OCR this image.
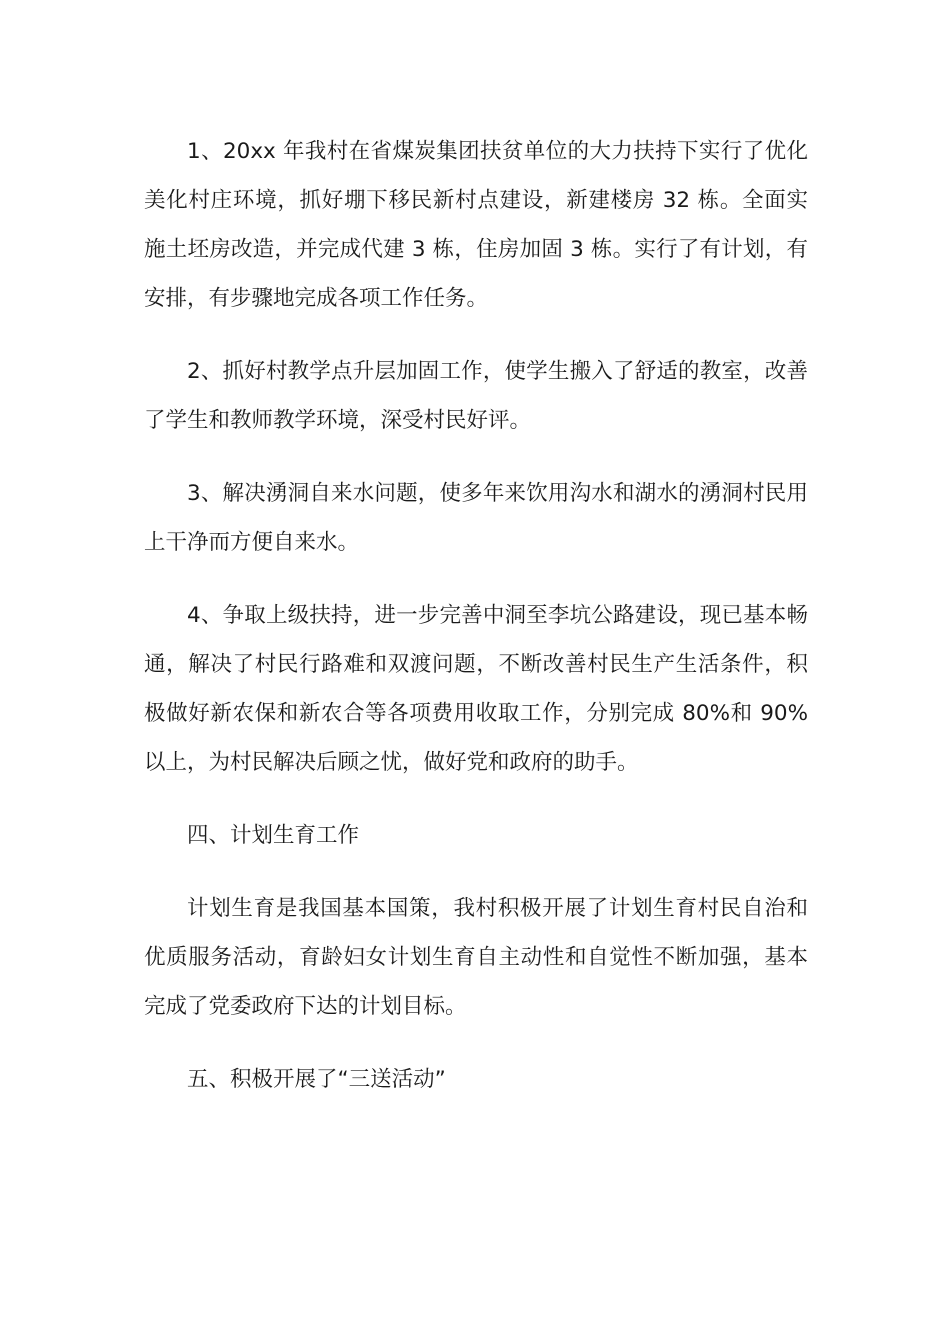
1、20xx 年我村在省煤炭集团扶贫单位的大力扶持下实行了优化美化村庄环境，抓好堋下移民新村点建设，新建楼房 32 栋。全面实施土坯房改造，并完成代建 3 栋，住房加固 3 栋。实行了有计划，有安排，有步骤地完成各项工作任务。

2、抓好村教学点升层加固工作，使学生搬入了舒适的教室，改善了学生和教师教学环境，深受村民好评。

3、解决湧洞自来水问题，使多年来饮用沟水和湖水的湧洞村民用上干净而方便自来水。

4、争取上级扶持，进一步完善中洞至李坑公路建设，现已基本畅通，解决了村民行路难和双渡问题，不断改善村民生产生活条件，积极做好新农保和新农合等各项费用收取工作，分别完成 80%和 90%以上，为村民解决后顾之忧，做好党和政府的助手。

四、计划生育工作

计划生育是我国基本国策，我村积极开展了计划生育村民自治和优质服务活动，育龄妇女计划生育自主动性和自觉性不断加强，基本完成了党委政府下达的计划目标。

五、积极开展了“三送活动”
